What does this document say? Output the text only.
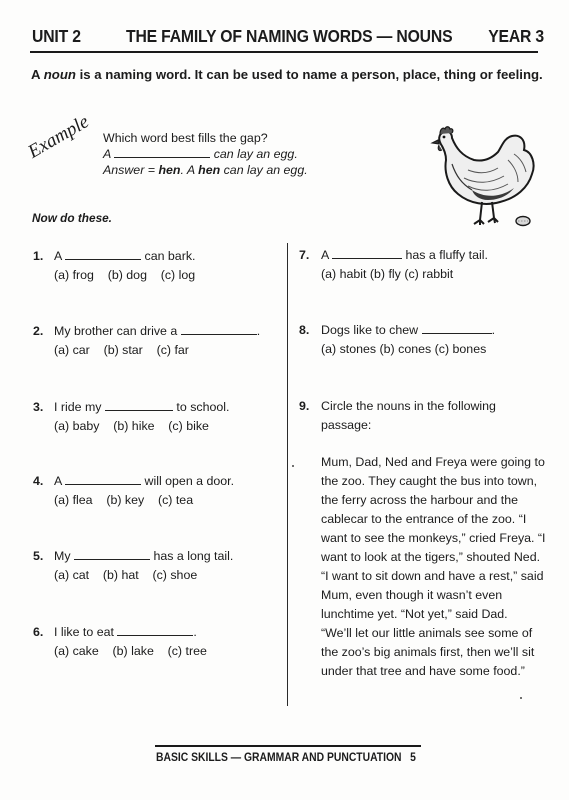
UNIT 2	THE FAMILY OF NAMING WORDS — NOUNS YEAR 3
A noun is a naming word. It can be used to name a person, place, thing or feeling.
Example Which word best fills the gap?
A	can lay an egg.
Answer = hen. A hen can lay an egg.
Now do these.
1. A	can bark.
(a) frog    (b) dog    (c) log
2. My brother can drive a	.
(a) car    (b) star    (c) far
3. I ride my	to school.
(a) baby    (b) hike    (c) bike
4. A	will open a door.
(a) flea    (b) key    (c) tea
5. My	has a long tail.
(a) cat    (b) hat    (c) shoe
6. I like to eat	.
(a) cake    (b) lake    (c) tree
7. A	has a fluffy tail.
(a) habit (b) fly (c) rabbit
8. Dogs like to chew	.
(a) stones (b) cones (c) bones
9. Circle the nouns in the following
passage:
Mum, Dad, Ned and Freya were going to
the zoo. They caught the bus into town,
the ferry across the harbour and the
cablecar to the entrance of the zoo. “I
want to see the monkeys,” cried Freya. “I
want to look at the tigers,” shouted Ned.
“I want to sit down and have a rest,” said
Mum, even though it wasn’t even
lunchtime yet. “Not yet,” said Dad.
“We’ll let our little animals see some of
the zoo’s big animals first, then we’ll sit
under that tree and have some food.”
BASIC SKILLS — GRAMMAR AND PUNCTUATION 5
